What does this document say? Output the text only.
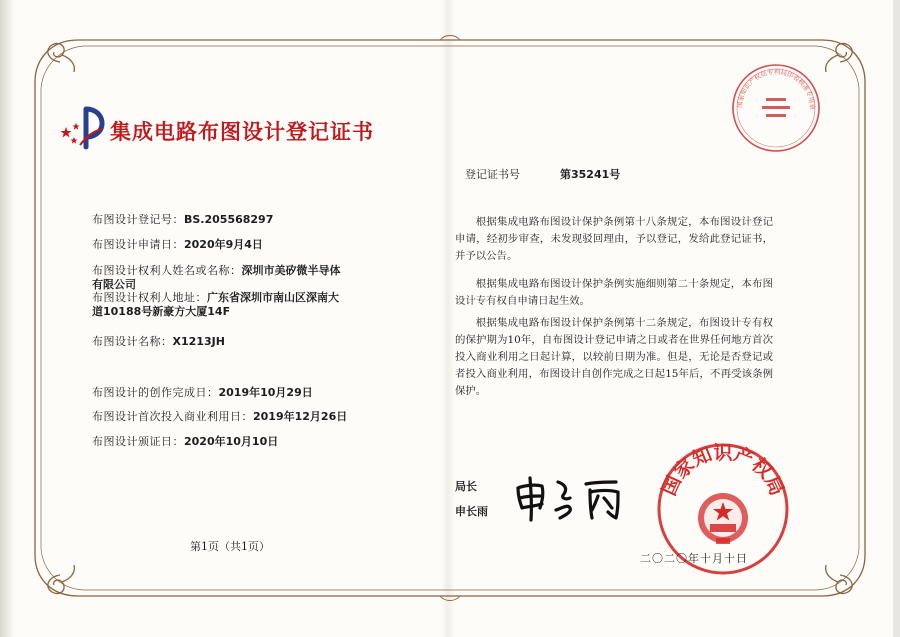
集成电路布图设计登记证书
布图设计登记号：BS.205568297
布图设计申请日：2020年9月4日
布图设计权利人姓名或名称：深圳市美矽微半导体
有限公司
布图设计权利人地址：广东省深圳市南山区深南大
道10188号新豪方大厦14F
布图设计名称：X1213JH
布图设计的创作完成日：2019年10月29日
布图设计首次投入商业利用日：2019年12月26日
布图设计颁证日：2020年10月10日
第1页（共1页）
登记证书号	第35241号
根据集成电路布图设计保护条例第十八条规定，本布图设计登记申请，经初步审查，未发现驳回理由，予以登记，发给此登记证书，并予以公告。
根据集成电路布图设计保护条例实施细则第二十条规定，本布图设计专有权自申请日起生效。
根据集成电路布图设计保护条例第十二条规定，布图设计专有权的保护期为10年，自布图设计登记申请之日或者在世界任何地方首次投入商业利用之日起计算，以较前日期为准。但是，无论是否登记或者投入商业利用，布图设计自创作完成之日起15年后，不再受该条例保护。
局长
申长雨
国家知识产权局
国家知识产权局专利局印表核准专用章
二〇二〇年十月十日
